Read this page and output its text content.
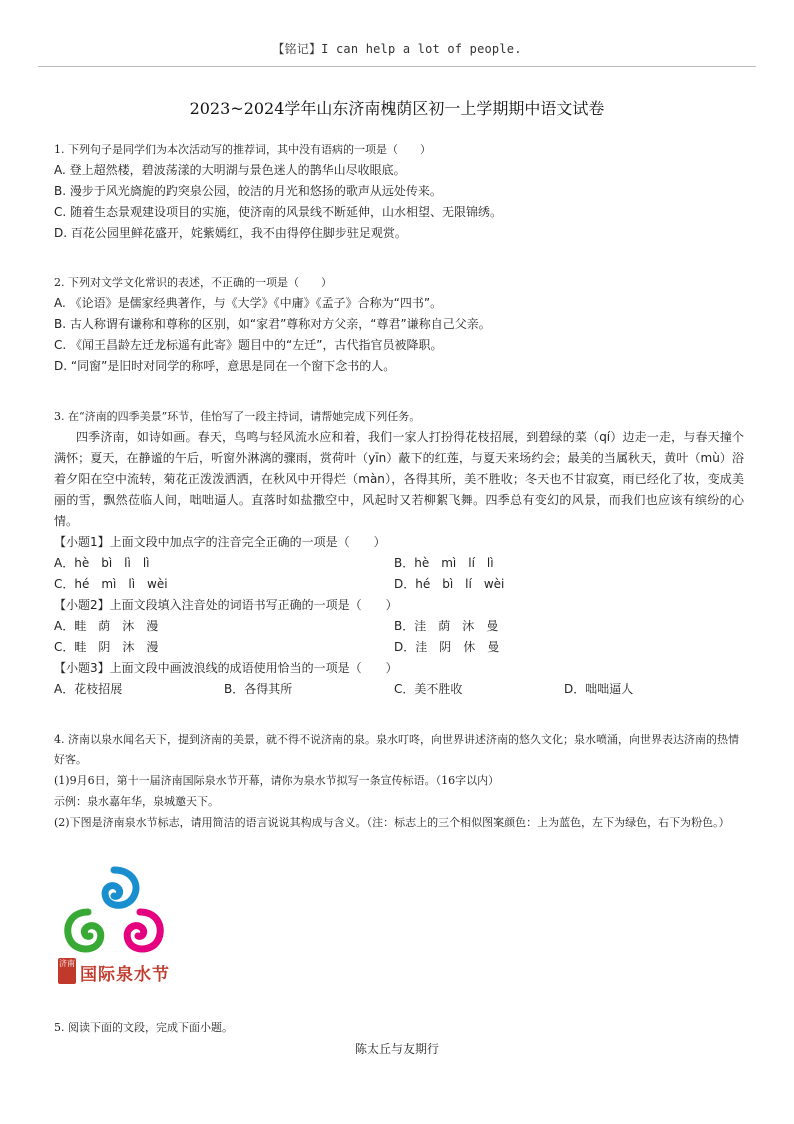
【铭记】I can help a lot of people.
2023~2024学年山东济南槐荫区初一上学期期中语文试卷
1. 下列句子是同学们为本次活动写的推荐词，其中没有语病的一项是（　　）
A. 登上超然楼，碧波荡漾的大明湖与景色迷人的鹊华山尽收眼底。
B. 漫步于风光旖旎的趵突泉公园，皎洁的月光和悠扬的歌声从远处传来。
C. 随着生态景观建设项目的实施，使济南的风景线不断延伸，山水相望、无限锦绣。
D. 百花公园里鲜花盛开，姹紫嫣红，我不由得停住脚步驻足观赏。
2. 下列对文学文化常识的表述，不正确的一项是（　　）
A. 《论语》是儒家经典著作，与《大学》《中庸》《孟子》合称为“四书”。
B. 古人称谓有谦称和尊称的区别，如“家君”尊称对方父亲，“尊君”谦称自己父亲。
C. 《闻王昌龄左迁龙标遥有此寄》题目中的“左迁”，古代指官员被降职。
D. “同窗”是旧时对同学的称呼，意思是同在一个窗下念书的人。
3. 在“济南的四季美景”环节，佳怡写了一段主持词，请帮她完成下列任务。
四季济南，如诗如画。春天，鸟鸣与轻风流水应和着，我们一家人打扮得花枝招展，到碧绿的菜（qí）边走一走，与春天撞个满怀；夏天，在静谧的午后，听窗外淋漓的骤雨，赏荷叶（yīn）蔽下的红莲，与夏天来场约会；最美的当属秋天，黄叶（mù）浴着夕阳在空中流转，菊花正泼泼洒洒，在秋风中开得烂（màn），各得其所，美不胜收；冬天也不甘寂寞，雨已经化了妆，变成美丽的雪，飘然莅临人间，咄咄逼人。直落时如盐撒空中，风起时又若柳絮飞舞。四季总有变幻的风景，而我们也应该有缤纷的心情。
【小题1】上面文段中加点字的注音完全正确的一项是（　　）
A．hè　bì　lì　lì	B．hè　mì　lí　lì
C．hé　mì　lì　wèi	D．hé　bì　lí　wèi
【小题2】上面文段填入注音处的词语书写正确的一项是（　　）
A．畦　荫　沐　漫	B．洼　荫　沐　曼
C．畦　阴　沐　漫	D．洼　阴　休　曼
【小题3】上面文段中画波浪线的成语使用恰当的一项是（　　）
A．花枝招展	B．各得其所	C．美不胜收	D．咄咄逼人
4. 济南以泉水闻名天下，提到济南的美景，就不得不说济南的泉。泉水叮咚，向世界讲述济南的悠久文化；泉水喷涌，向世界表达济南的热情好客。
(1)9月6日，第十一届济南国际泉水节开幕，请你为泉水节拟写一条宣传标语。（16字以内）
示例：泉水嘉年华，泉城邀天下。
(2)下图是济南泉水节标志，请用简洁的语言说说其构成与含义。（注：标志上的三个相似图案颜色：上为蓝色，左下为绿色，右下为粉色。）
济南
国际泉水节
5. 阅读下面的文段，完成下面小题。
陈太丘与友期行
